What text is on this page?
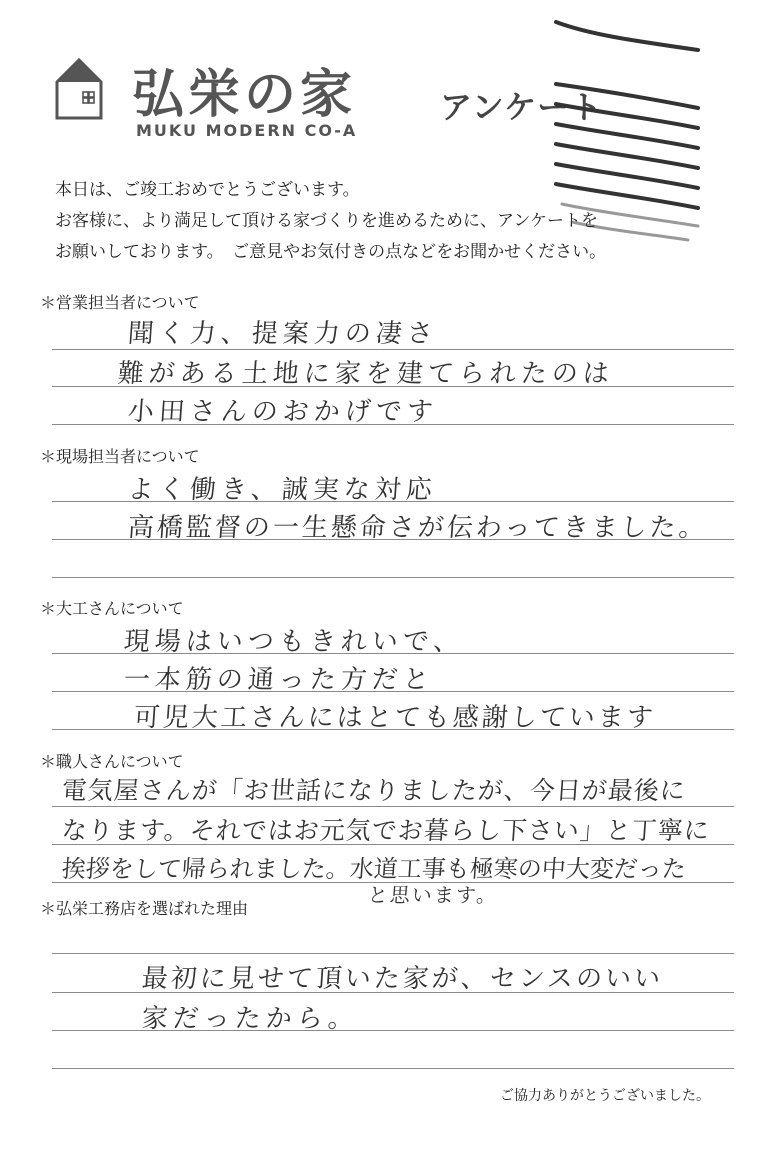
弘栄の家
MUKU MODERN CO-A
アンケート
本日は、ご竣工おめでとうございます。
お客様に、より満足して頂ける家づくりを進めるために、アンケートを
お願いしております。　ご意見やお気付きの点などをお聞かせください。
＊営業担当者について
聞く力、提案力の凄さ
難がある土地に家を建てられたのは
小田さんのおかげです
＊現場担当者について
よく働き、誠実な対応
高橋監督の一生懸命さが伝わってきました。
＊大工さんについて
現場はいつもきれいで、
一本筋の通った方だと
可児大工さんにはとても感謝しています
＊職人さんについて
電気屋さんが「お世話になりましたが、今日が最後に
なります。それではお元気でお暮らし下さい」と丁寧に
挨拶をして帰られました。水道工事も極寒の中大変だった
と思います。
＊弘栄工務店を選ばれた理由
最初に見せて頂いた家が、センスのいい
家だったから。
ご協力ありがとうございました。
